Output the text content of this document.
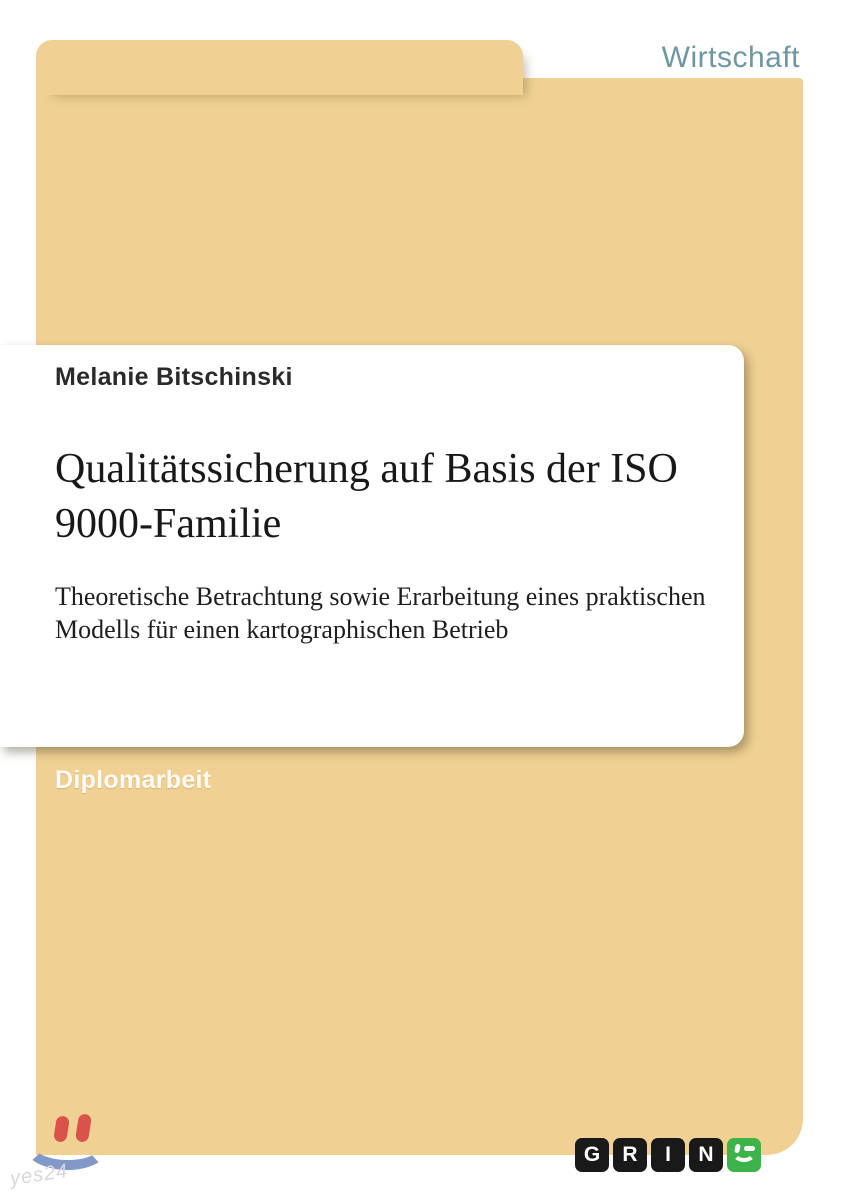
Wirtschaft
Melanie Bitschinski
Qualitätssicherung auf Basis der ISO
9000-Familie
Theoretische Betrachtung sowie Erarbeitung eines praktischen
Modells für einen kartographischen Betrieb
Diplomarbeit
yes24
G	R	I	N
